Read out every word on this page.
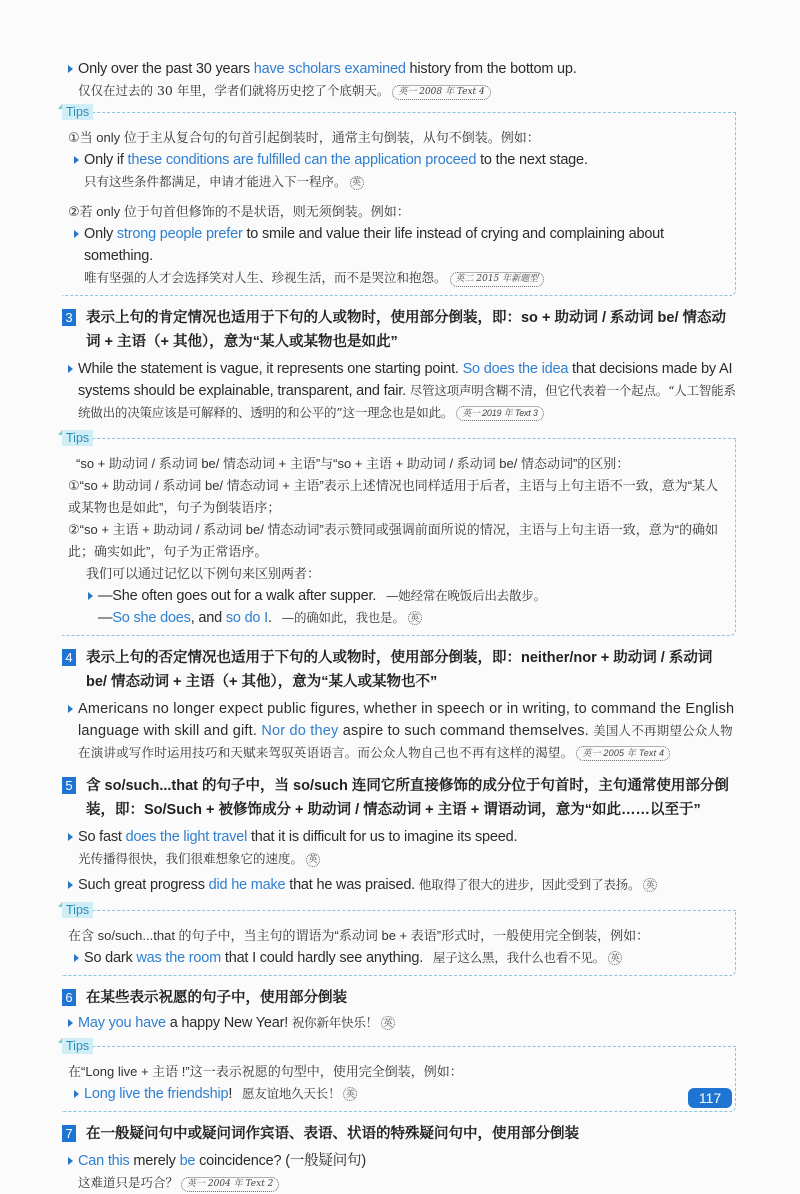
Only over the past 30 years have scholars examined history from the bottom up.
仅仅在过去的 30 年里，学者们就将历史挖了个底朝天。 英一 2008 年 Text 4
Tips
①当 only 位于主从复合句的句首引起倒装时，通常主句倒装，从句不倒装。例如：
Only if these conditions are fulfilled can the application proceed to the next stage.
只有这些条件都满足，申请才能进入下一程序。 英
②若 only 位于句首但修饰的不是状语，则无须倒装。例如：
Only strong people prefer to smile and value their life instead of crying and complaining about something.
唯有坚强的人才会选择笑对人生、珍视生活，而不是哭泣和抱怨。 英二 2015 年新题型
3 表示上句的肯定情况也适用于下句的人或物时，使用部分倒装，即：so + 助动词 / 系动词 be/ 情态动词 + 主语（+ 其他），意为“某人或某物也是如此”
While the statement is vague, it represents one starting point. So does the idea that decisions made by AI systems should be explainable, transparent, and fair. 尽管这项声明含糊不清，但它代表着一个起点。“人工智能系统做出的决策应该是可解释的、透明的和公平的”这一理念也是如此。 英一 2019 年 Text 3
Tips
“so + 助动词 / 系动词 be/ 情态动词 + 主语”与“so + 主语 + 助动词 / 系动词 be/ 情态动词”的区别：
①“so + 助动词 / 系动词 be/ 情态动词 + 主语”表示上述情况也同样适用于后者，主语与上句主语不一致，意为“某人或某物也是如此”，句子为倒装语序；
②“so + 主语 + 助动词 / 系动词 be/ 情态动词”表示赞同或强调前面所说的情况，主语与上句主语一致，意为“的确如此；确实如此”，句子为正常语序。
我们可以通过记忆以下例句来区别两者：
—She often goes out for a walk after supper. —她经常在晚饭后出去散步。
—So she does, and so do I. —的确如此，我也是。 英
4 表示上句的否定情况也适用于下句的人或物时，使用部分倒装，即：neither/nor + 助动词 / 系动词 be/ 情态动词 + 主语（+ 其他），意为“某人或某物也不”
Americans no longer expect public figures, whether in speech or in writing, to command the English language with skill and gift. Nor do they aspire to such command themselves. 美国人不再期望公众人物在演讲或写作时运用技巧和天赋来驾驭英语语言。而公众人物自己也不再有这样的渴望。 英一 2005 年 Text 4
5 含 so/such...that 的句子中，当 so/such 连同它所直接修饰的成分位于句首时，主句通常使用部分倒装，即：So/Such + 被修饰成分 + 助动词 / 情态动词 + 主语 + 谓语动词，意为“如此……以至于”
So fast does the light travel that it is difficult for us to imagine its speed.
光传播得很快，我们很难想象它的速度。 英
Such great progress did he make that he was praised. 他取得了很大的进步，因此受到了表扬。 英
Tips
在含 so/such...that 的句子中，当主句的谓语为“系动词 be + 表语”形式时，一般使用完全倒装，例如：
So dark was the room that I could hardly see anything. 屋子这么黑，我什么也看不见。 英
6 在某些表示祝愿的句子中，使用部分倒装
May you have a happy New Year! 祝你新年快乐！ 英
Tips
在“Long live + 主语 !”这一表示祝愿的句型中，使用完全倒装，例如：
Long live the friendship! 愿友谊地久天长！ 英
7 在一般疑问句中或疑问词作宾语、表语、状语的特殊疑问句中，使用部分倒装
Can this merely be coincidence? (一般疑问句)
这难道只是巧合？ 英一 2004 年 Text 2
117
